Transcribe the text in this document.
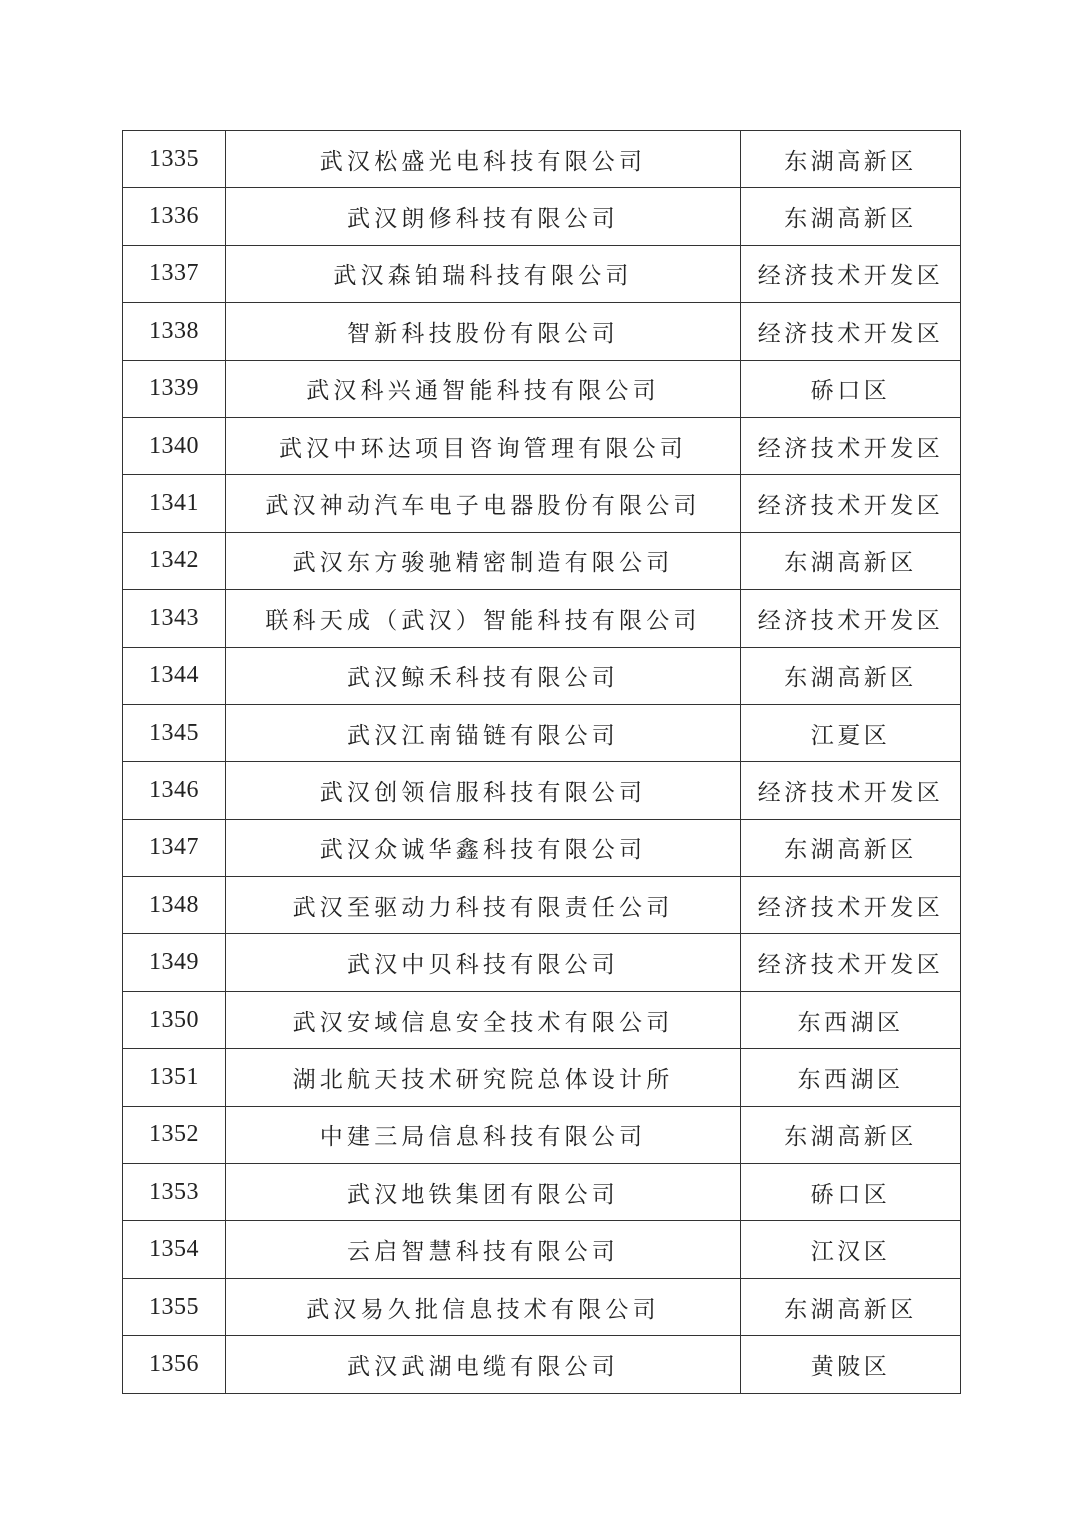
1335	武汉松盛光电科技有限公司	东湖高新区
1336	武汉朗修科技有限公司	东湖高新区
1337	武汉森铂瑞科技有限公司	经济技术开发区
1338	智新科技股份有限公司	经济技术开发区
1339	武汉科兴通智能科技有限公司	硚口区
1340	武汉中环达项目咨询管理有限公司	经济技术开发区
1341	武汉神动汽车电子电器股份有限公司	经济技术开发区
1342	武汉东方骏驰精密制造有限公司	东湖高新区
1343	联科天成（武汉）智能科技有限公司	经济技术开发区
1344	武汉鲸禾科技有限公司	东湖高新区
1345	武汉江南锚链有限公司	江夏区
1346	武汉创领信服科技有限公司	经济技术开发区
1347	武汉众诚华鑫科技有限公司	东湖高新区
1348	武汉至驱动力科技有限责任公司	经济技术开发区
1349	武汉中贝科技有限公司	经济技术开发区
1350	武汉安域信息安全技术有限公司	东西湖区
1351	湖北航天技术研究院总体设计所	东西湖区
1352	中建三局信息科技有限公司	东湖高新区
1353	武汉地铁集团有限公司	硚口区
1354	云启智慧科技有限公司	江汉区
1355	武汉易久批信息技术有限公司	东湖高新区
1356	武汉武湖电缆有限公司	黄陂区
